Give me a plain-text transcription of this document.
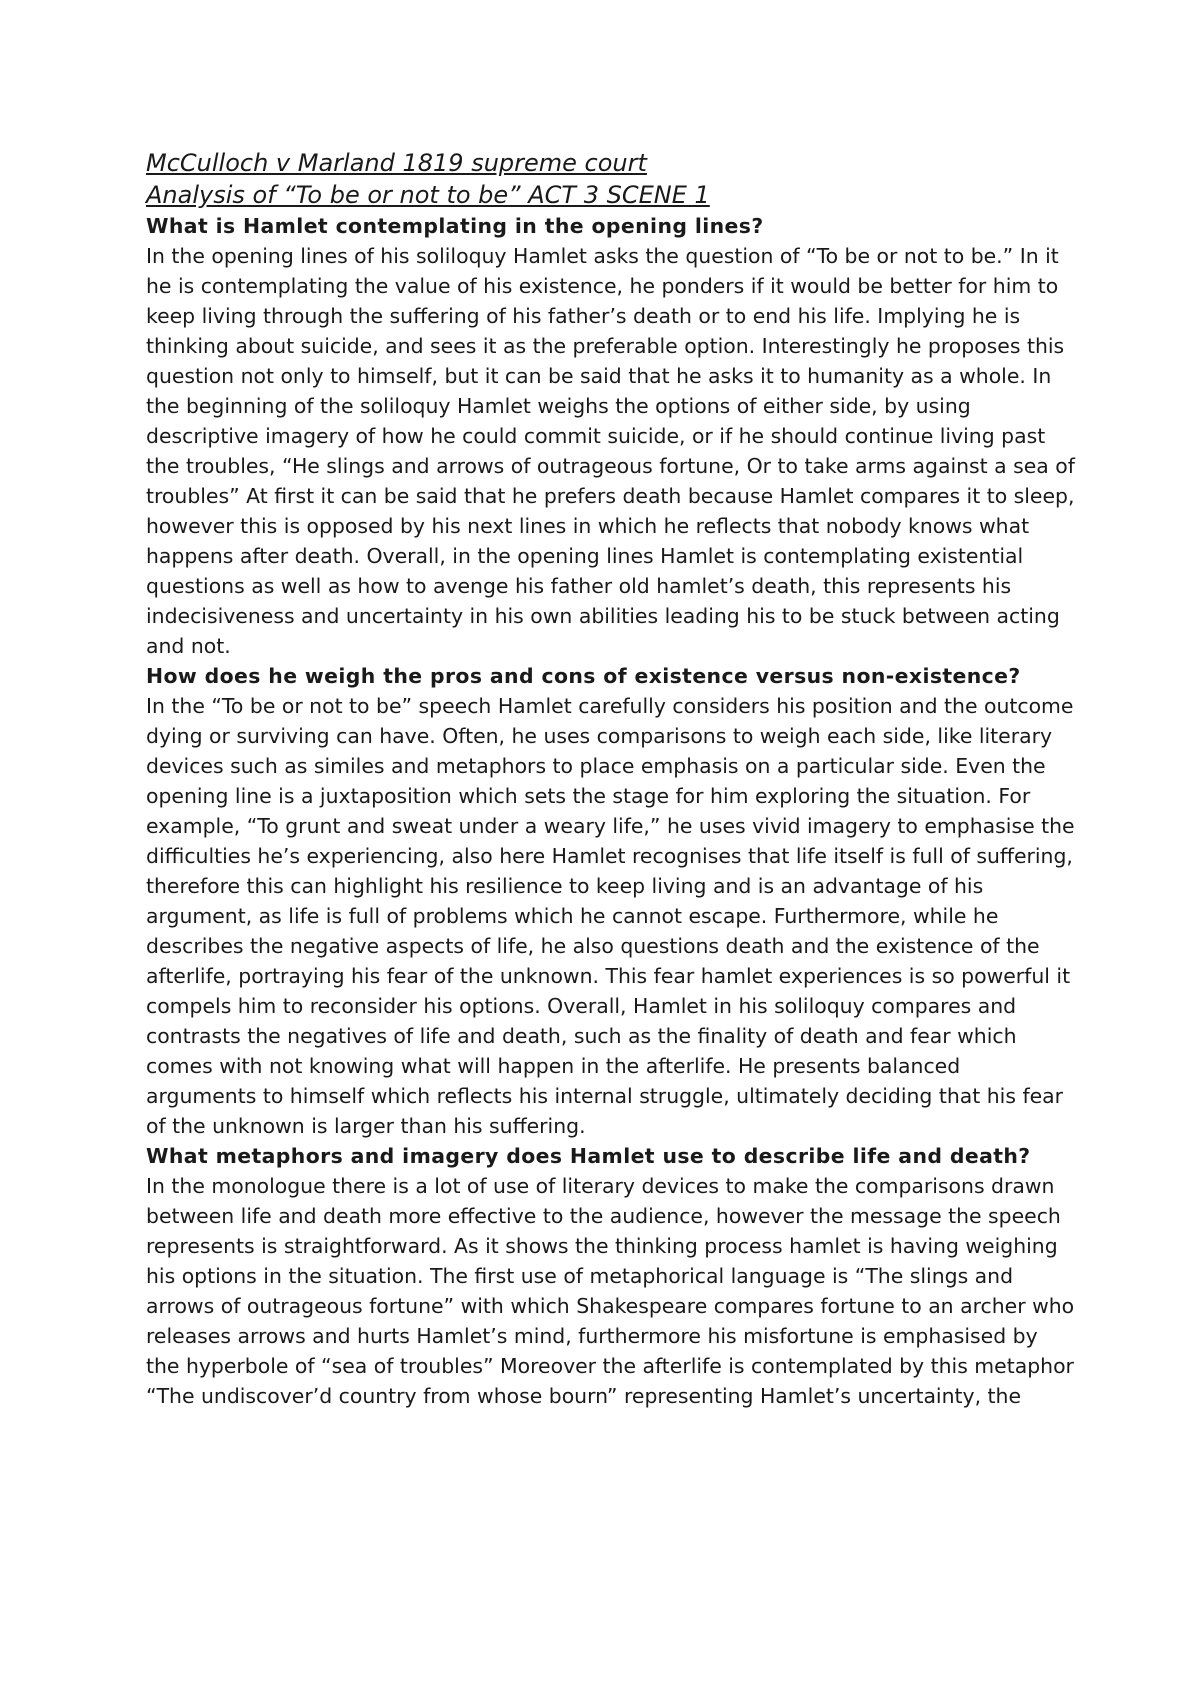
McCulloch v Marland 1819 supreme court
Analysis of “To be or not to be” ACT 3 SCENE 1

What is Hamlet contemplating in the opening lines?

In the opening lines of his soliloquy Hamlet asks the question of “To be or not to be.” In it he is contemplating the value of his existence, he ponders if it would be better for him to keep living through the suffering of his father’s death or to end his life. Implying he is thinking about suicide, and sees it as the preferable option. Interestingly he proposes this question not only to himself, but it can be said that he asks it to humanity as a whole. In the beginning of the soliloquy Hamlet weighs the options of either side, by using descriptive imagery of how he could commit suicide, or if he should continue living past the troubles, “He slings and arrows of outrageous fortune, Or to take arms against a sea of troubles” At first it can be said that he prefers death because Hamlet compares it to sleep, however this is opposed by his next lines in which he reflects that nobody knows what happens after death. Overall, in the opening lines Hamlet is contemplating existential questions as well as how to avenge his father old hamlet’s death, this represents his indecisiveness and uncertainty in his own abilities leading his to be stuck between acting and not.

How does he weigh the pros and cons of existence versus non-existence?

In the “To be or not to be” speech Hamlet carefully considers his position and the outcome dying or surviving can have. Often, he uses comparisons to weigh each side, like literary devices such as similes and metaphors to place emphasis on a particular side. Even the opening line is a juxtaposition which sets the stage for him exploring the situation. For example, “To grunt and sweat under a weary life,” he uses vivid imagery to emphasise the difficulties he’s experiencing, also here Hamlet recognises that life itself is full of suffering, therefore this can highlight his resilience to keep living and is an advantage of his argument, as life is full of problems which he cannot escape. Furthermore, while he describes the negative aspects of life, he also questions death and the existence of the afterlife, portraying his fear of the unknown. This fear hamlet experiences is so powerful it compels him to reconsider his options. Overall, Hamlet in his soliloquy compares and contrasts the negatives of life and death, such as the finality of death and fear which comes with not knowing what will happen in the afterlife. He presents balanced arguments to himself which reflects his internal struggle, ultimately deciding that his fear of the unknown is larger than his suffering.

What metaphors and imagery does Hamlet use to describe life and death?

In the monologue there is a lot of use of literary devices to make the comparisons drawn between life and death more effective to the audience, however the message the speech represents is straightforward. As it shows the thinking process hamlet is having weighing his options in the situation. The first use of metaphorical language is “The slings and arrows of outrageous fortune” with which Shakespeare compares fortune to an archer who releases arrows and hurts Hamlet’s mind, furthermore his misfortune is emphasised by the hyperbole of “sea of troubles” Moreover the afterlife is contemplated by this metaphor “The undiscover’d country from whose bourn” representing Hamlet’s uncertainty, the
